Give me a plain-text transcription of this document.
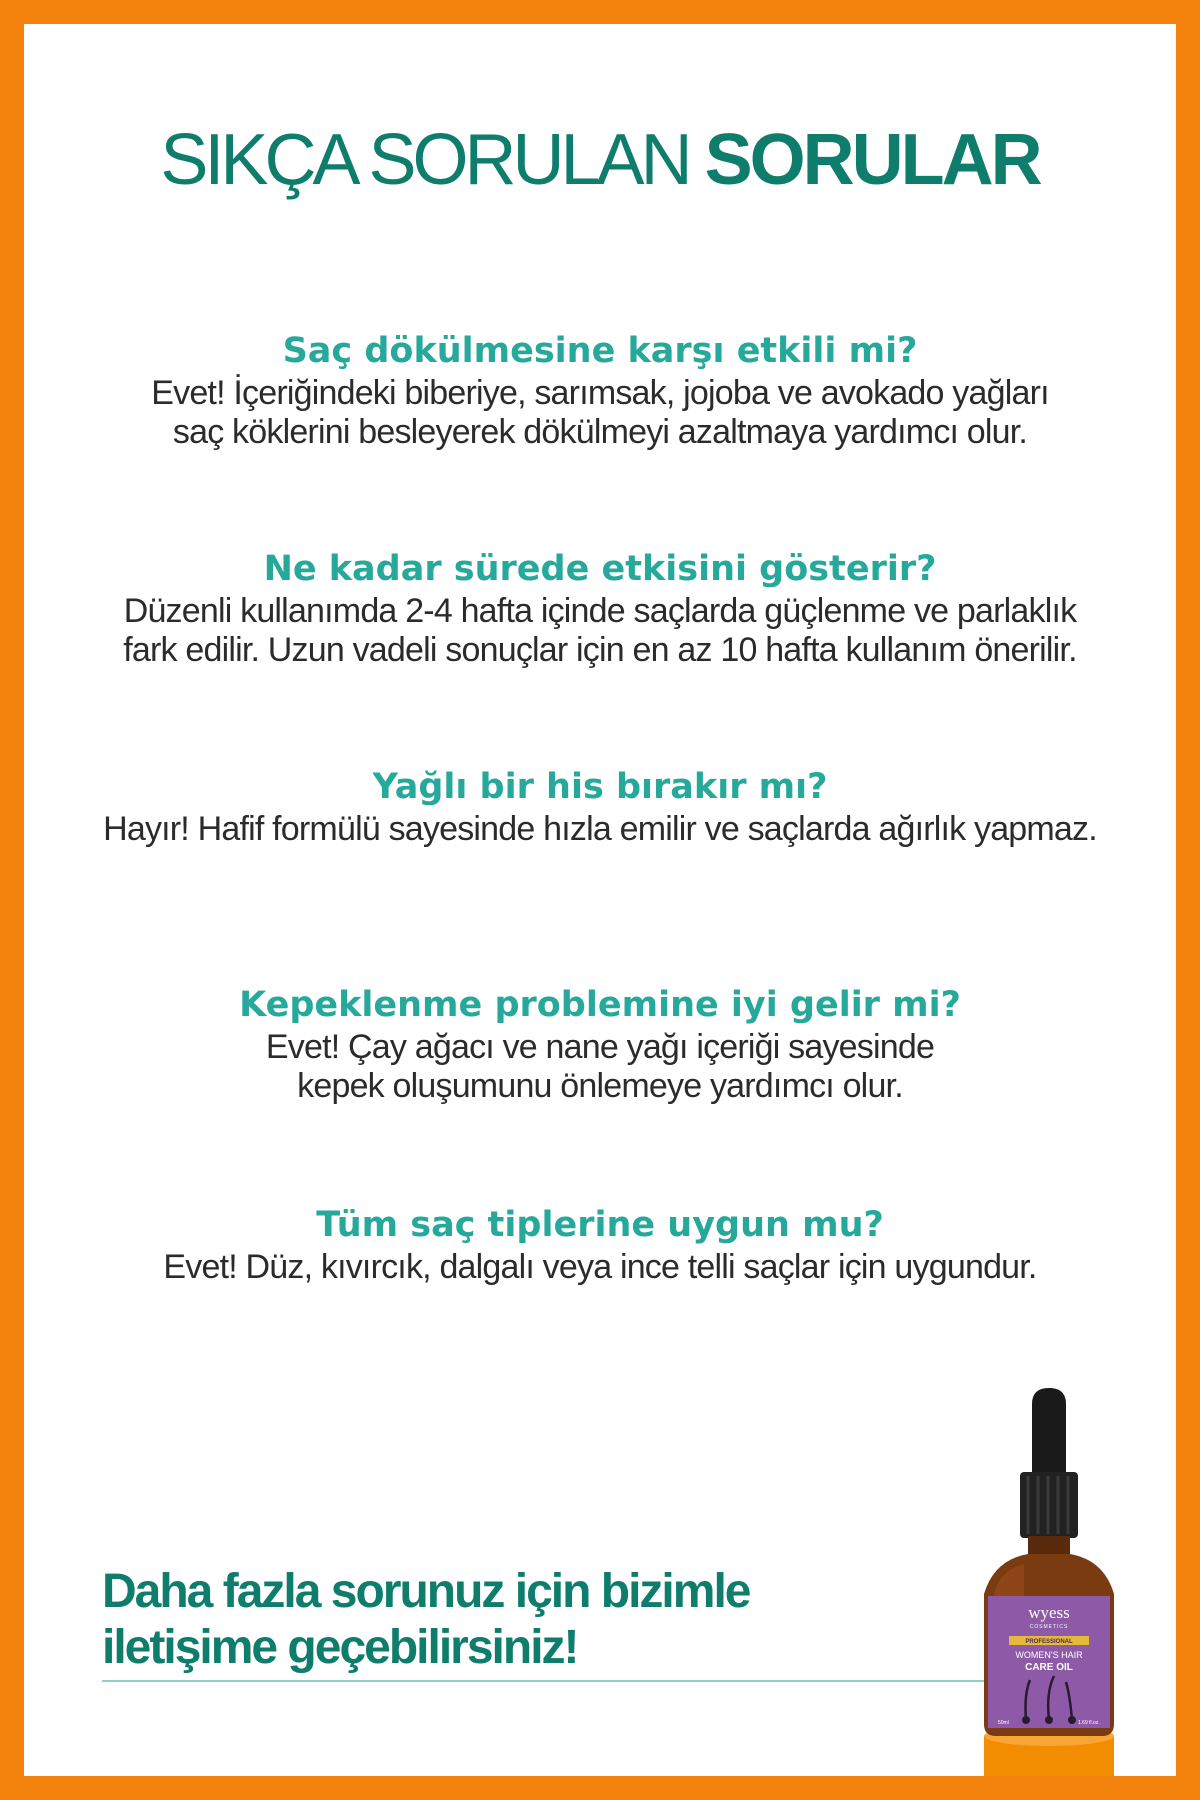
SIKÇA SORULAN SORULAR

Saç dökülmesine karşı etkili mi?

Evet! İçeriğindeki biberiye, sarımsak, jojoba ve avokado yağları
saç köklerini besleyerek dökülmeyi azaltmaya yardımcı olur.

Ne kadar sürede etkisini gösterir?

Düzenli kullanımda 2-4 hafta içinde saçlarda güçlenme ve parlaklık
fark edilir. Uzun vadeli sonuçlar için en az 10 hafta kullanım önerilir.

Yağlı bir his bırakır mı?

Hayır! Hafif formülü sayesinde hızla emilir ve saçlarda ağırlık yapmaz.

Kepeklenme problemine iyi gelir mi?

Evet! Çay ağacı ve nane yağı içeriği sayesinde
kepek oluşumunu önlemeye yardımcı olur.

Tüm saç tiplerine uygun mu?

Evet! Düz, kıvırcık, dalgalı veya ince telli saçlar için uygundur.

Daha fazla sorunuz için bizimle
iletişime geçebilirsiniz!

wyess
COSMETICS
PROFESSIONAL
WOMEN'S HAIR
CARE OIL
50ml	1.69 fl.oz.
